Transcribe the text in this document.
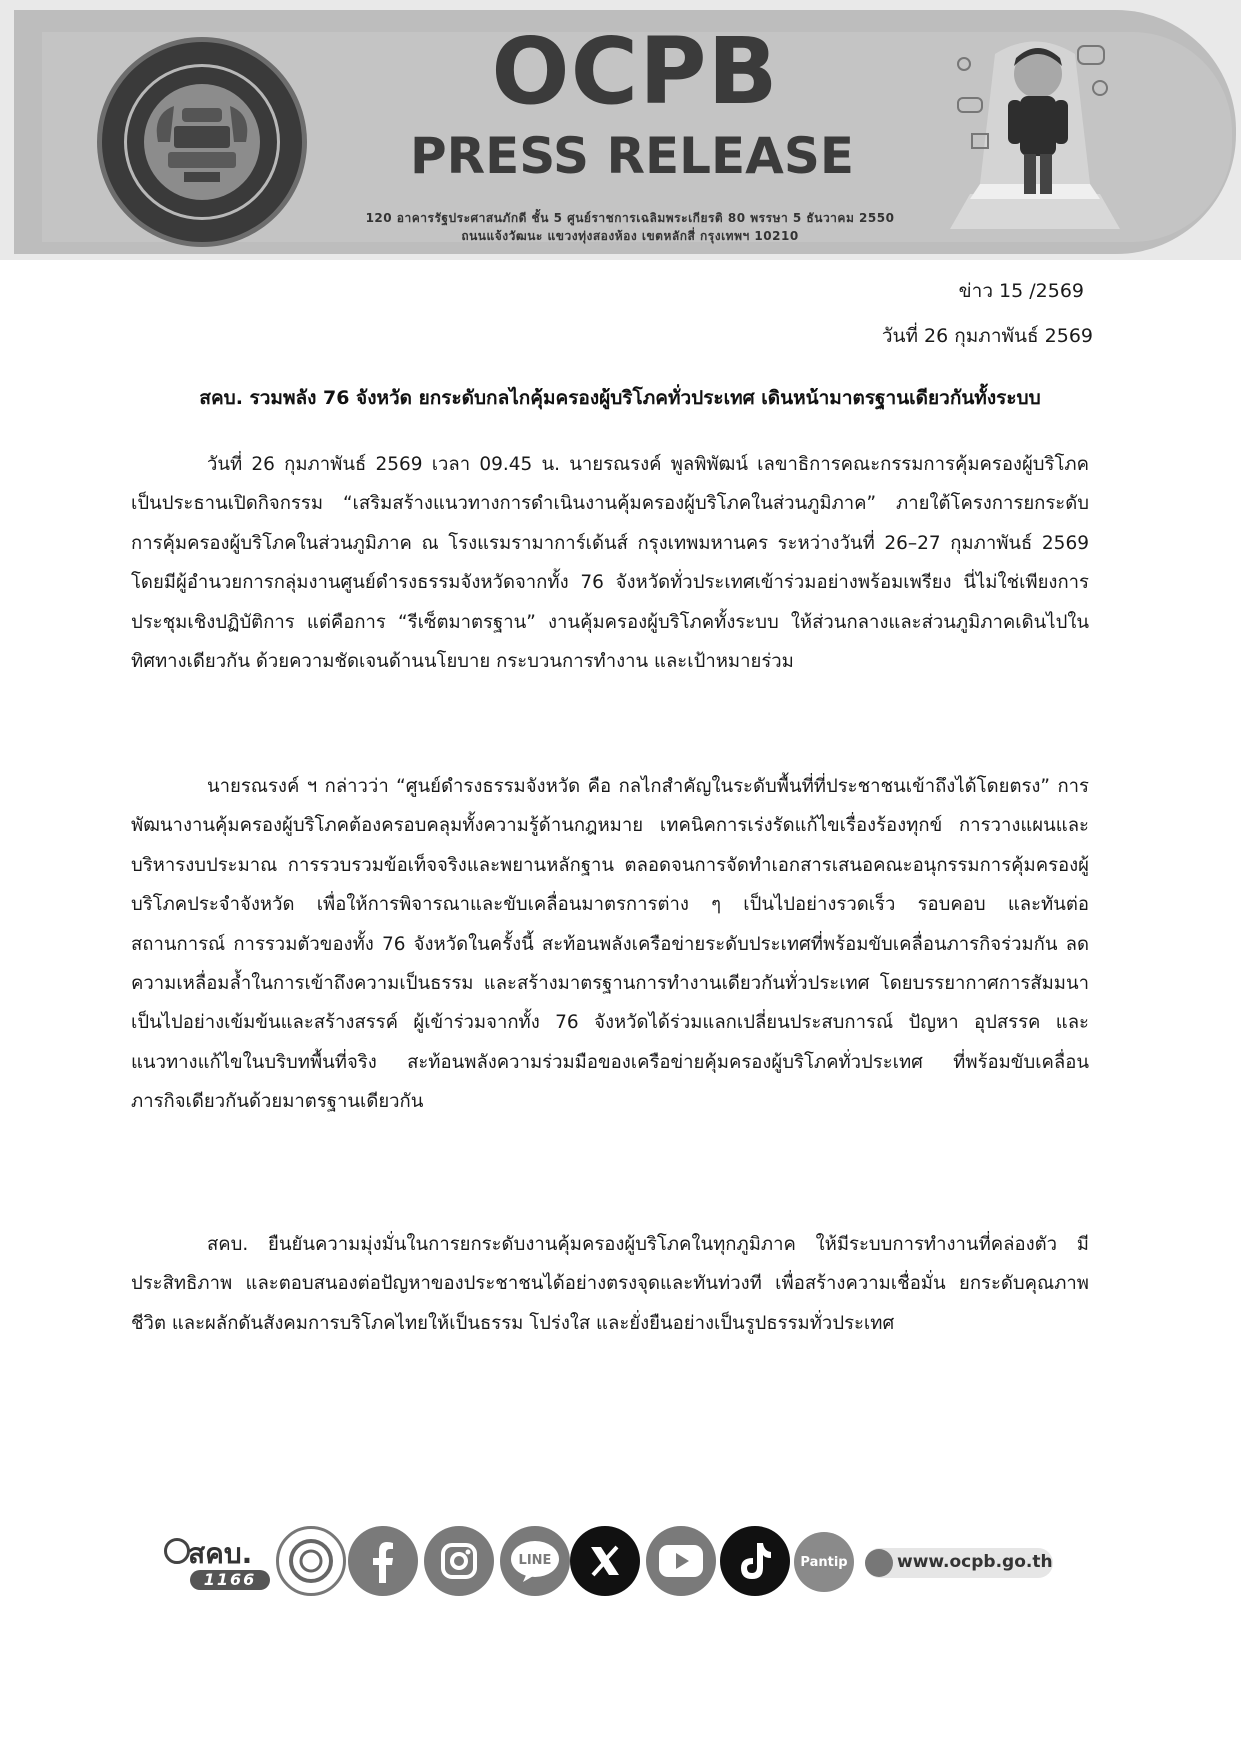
OCPB
PRESS RELEASE
120 อาคารรัฐประศาสนภักดี ชั้น 5 ศูนย์ราชการเฉลิมพระเกียรติ 80 พรรษา 5 ธันวาคม 2550
ถนนแจ้งวัฒนะ แขวงทุ่งสองห้อง เขตหลักสี่ กรุงเทพฯ 10210
ข่าว 15 /2569
วันที่ 26 กุมภาพันธ์ 2569
สคบ. รวมพลัง 76 จังหวัด ยกระดับกลไกคุ้มครองผู้บริโภคทั่วประเทศ เดินหน้ามาตรฐานเดียวกันทั้งระบบ
วันที่ 26 กุมภาพันธ์ 2569 เวลา 09.45 น. นายรณรงค์ พูลพิพัฒน์ เลขาธิการคณะกรรมการคุ้มครองผู้บริโภค เป็นประธานเปิดกิจกรรม “เสริมสร้างแนวทางการดำเนินงานคุ้มครองผู้บริโภคในส่วนภูมิภาค” ภายใต้โครงการยกระดับการคุ้มครองผู้บริโภคในส่วนภูมิภาค ณ โรงแรมรามาการ์เด้นส์ กรุงเทพมหานคร ระหว่างวันที่ 26–27 กุมภาพันธ์ 2569 โดยมีผู้อำนวยการกลุ่มงานศูนย์ดำรงธรรมจังหวัดจากทั้ง 76 จังหวัดทั่วประเทศเข้าร่วมอย่างพร้อมเพรียง นี่ไม่ใช่เพียงการประชุมเชิงปฏิบัติการ แต่คือการ “รีเซ็ตมาตรฐาน” งานคุ้มครองผู้บริโภคทั้งระบบ ให้ส่วนกลางและส่วนภูมิภาคเดินไปในทิศทางเดียวกัน ด้วยความชัดเจนด้านนโยบาย กระบวนการทำงาน และเป้าหมายร่วม
นายรณรงค์ ฯ กล่าวว่า “ศูนย์ดำรงธรรมจังหวัด คือ กลไกสำคัญในระดับพื้นที่ที่ประชาชนเข้าถึงได้โดยตรง” การพัฒนางานคุ้มครองผู้บริโภคต้องครอบคลุมทั้งความรู้ด้านกฎหมาย เทคนิคการเร่งรัดแก้ไขเรื่องร้องทุกข์ การวางแผนและบริหารงบประมาณ การรวบรวมข้อเท็จจริงและพยานหลักฐาน ตลอดจนการจัดทำเอกสารเสนอคณะอนุกรรมการคุ้มครองผู้บริโภคประจำจังหวัด เพื่อให้การพิจารณาและขับเคลื่อนมาตรการต่าง ๆ เป็นไปอย่างรวดเร็ว รอบคอบ และทันต่อสถานการณ์ การรวมตัวของทั้ง 76 จังหวัดในครั้งนี้ สะท้อนพลังเครือข่ายระดับประเทศที่พร้อมขับเคลื่อนภารกิจร่วมกัน ลดความเหลื่อมล้ำในการเข้าถึงความเป็นธรรม และสร้างมาตรฐานการทำงานเดียวกันทั่วประเทศ โดยบรรยากาศการสัมมนาเป็นไปอย่างเข้มข้นและสร้างสรรค์ ผู้เข้าร่วมจากทั้ง 76 จังหวัดได้ร่วมแลกเปลี่ยนประสบการณ์ ปัญหา อุปสรรค และแนวทางแก้ไขในบริบทพื้นที่จริง สะท้อนพลังความร่วมมือของเครือข่ายคุ้มครองผู้บริโภคทั่วประเทศ ที่พร้อมขับเคลื่อนภารกิจเดียวกันด้วยมาตรฐานเดียวกัน
สคบ. ยืนยันความมุ่งมั่นในการยกระดับงานคุ้มครองผู้บริโภคในทุกภูมิภาค ให้มีระบบการทำงานที่คล่องตัว มีประสิทธิภาพ และตอบสนองต่อปัญหาของประชาชนได้อย่างตรงจุดและทันท่วงที เพื่อสร้างความเชื่อมั่น ยกระดับคุณภาพชีวิต และผลักดันสังคมการบริโภคไทยให้เป็นธรรม โปร่งใส และยั่งยืนอย่างเป็นรูปธรรมทั่วประเทศ
สคบ.
1166
LINE	Pantip	www.ocpb.go.th
